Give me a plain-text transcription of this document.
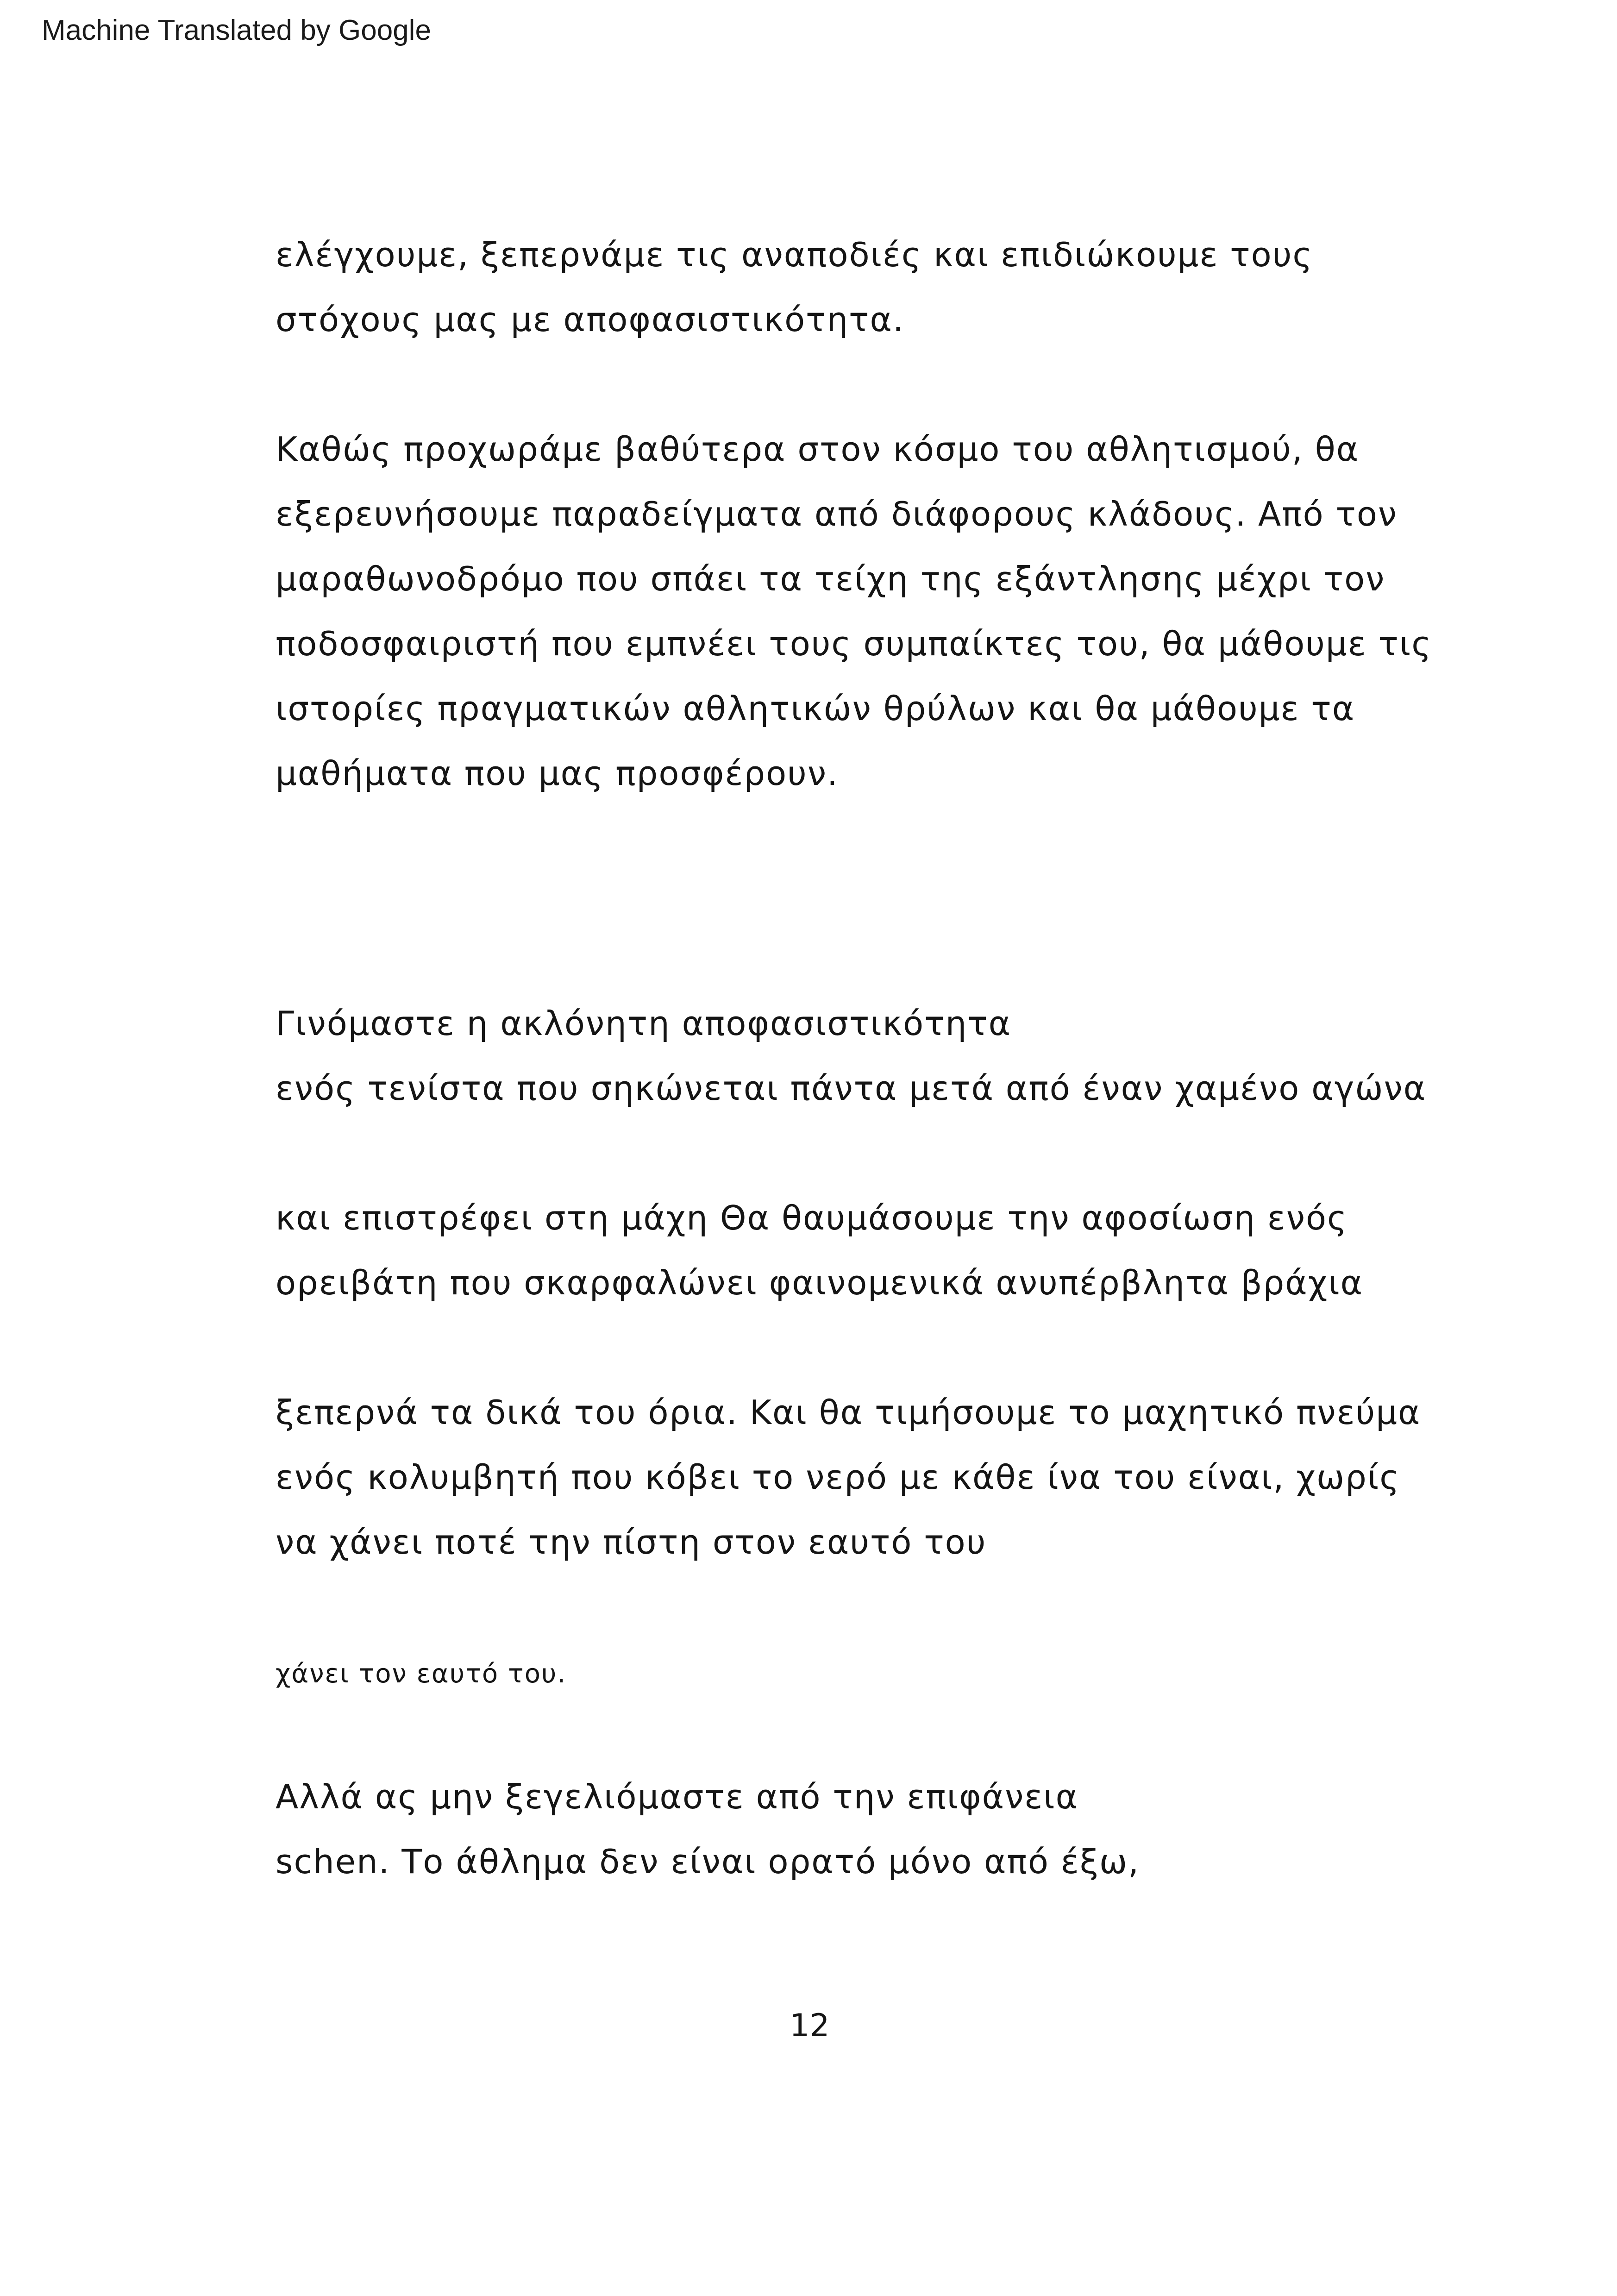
Machine Translated by Google
ελέγχουμε, ξεπερνάμε τις αναποδιές και επιδιώκουμε τους
στόχους μας με αποφασιστικότητα.
Καθώς προχωράμε βαθύτερα στον κόσμο του αθλητισμού, θα
εξερευνήσουμε παραδείγματα από διάφορους κλάδους. Από τον
μαραθωνοδρόμο που σπάει τα τείχη της εξάντλησης μέχρι τον
ποδοσφαιριστή που εμπνέει τους συμπαίκτες του, θα μάθουμε τις
ιστορίες πραγματικών αθλητικών θρύλων και θα μάθουμε τα
μαθήματα που μας προσφέρουν.
Γινόμαστε η ακλόνητη αποφασιστικότητα
ενός τενίστα που σηκώνεται πάντα μετά από έναν χαμένο αγώνα
και επιστρέφει στη μάχη Θα θαυμάσουμε την αφοσίωση ενός
ορειβάτη που σκαρφαλώνει φαινομενικά ανυπέρβλητα βράχια
ξεπερνά τα δικά του όρια. Και θα τιμήσουμε το μαχητικό πνεύμα
ενός κολυμβητή που κόβει το νερό με κάθε ίνα του είναι, χωρίς
να χάνει ποτέ την πίστη στον εαυτό του
χάνει τον εαυτό του.
Αλλά ας μην ξεγελιόμαστε από την επιφάνεια
schen. Το άθλημα δεν είναι ορατό μόνο από έξω,
12
